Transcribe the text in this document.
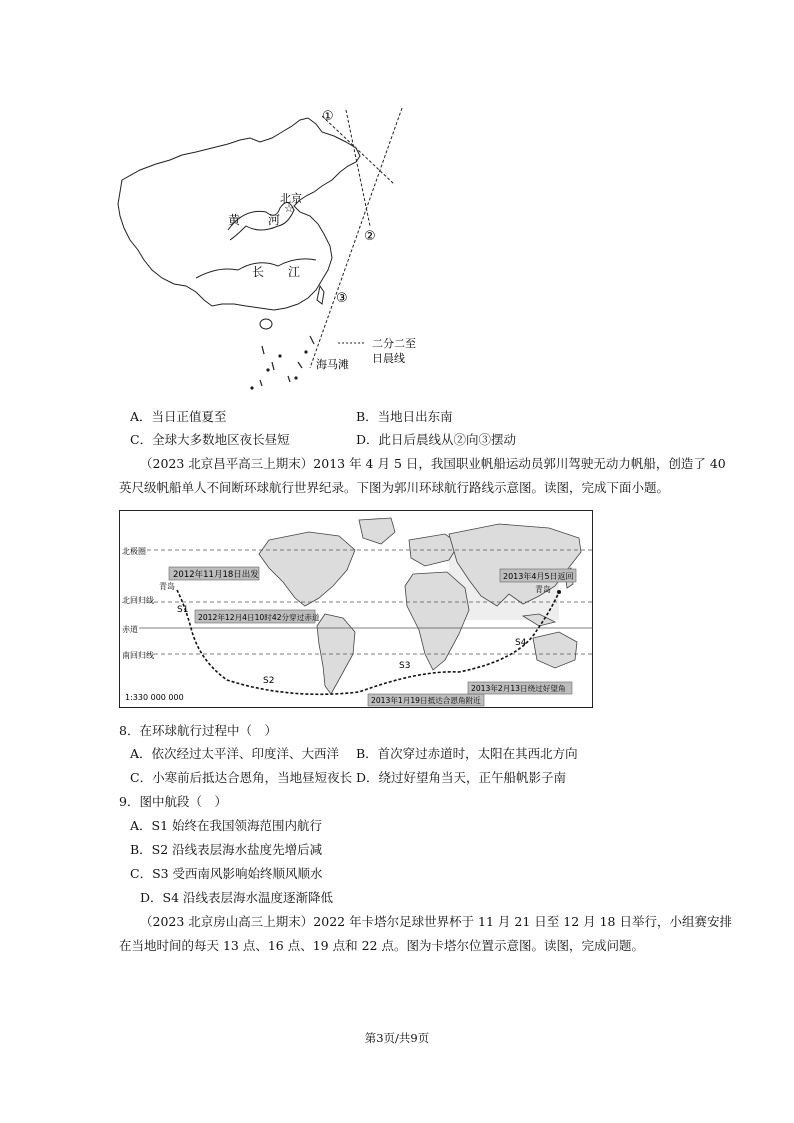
☆
①
②
③
北京
黄 河
长 江
海马滩
二分二至
日晨线
A．当日正值夏至	B．当地日出东南
C．全球大多数地区夜长昼短	D．此日后晨线从②向③摆动
（2023 北京昌平高三上期末）2013 年 4 月 5 日，我国职业帆船运动员郭川驾驶无动力帆船，创造了 40
英尺级帆船单人不间断环球航行世界纪录。下图为郭川环球航行路线示意图。读图，完成下面小题。
北极圈
北回归线
赤道
南回归线
2012年11月18日出发
2012年12月4日10时42分穿过赤道
2013年4月5日返回
2013年1月19日抵达合恩角附近
2013年2月13日绕过好望角
青岛	青岛
S1
S2
S3
S4
1:330 000 000
8．在环球航行过程中（　）
A．依次经过太平洋、印度洋、大西洋 B．首次穿过赤道时，太阳在其西北方向
C．小寒前后抵达合恩角，当地昼短夜长 D．绕过好望角当天，正午船帆影子南
9．图中航段（　）
A．S1 始终在我国领海范围内航行
B．S2 沿线表层海水盐度先增后减
C．S3 受西南风影响始终顺风顺水
D．S4 沿线表层海水温度逐渐降低
（2023 北京房山高三上期末）2022 年卡塔尔足球世界杯于 11 月 21 日至 12 月 18 日举行，小组赛安排
在当地时间的每天 13 点、16 点、19 点和 22 点。图为卡塔尔位置示意图。读图，完成问题。
第3页/共9页
